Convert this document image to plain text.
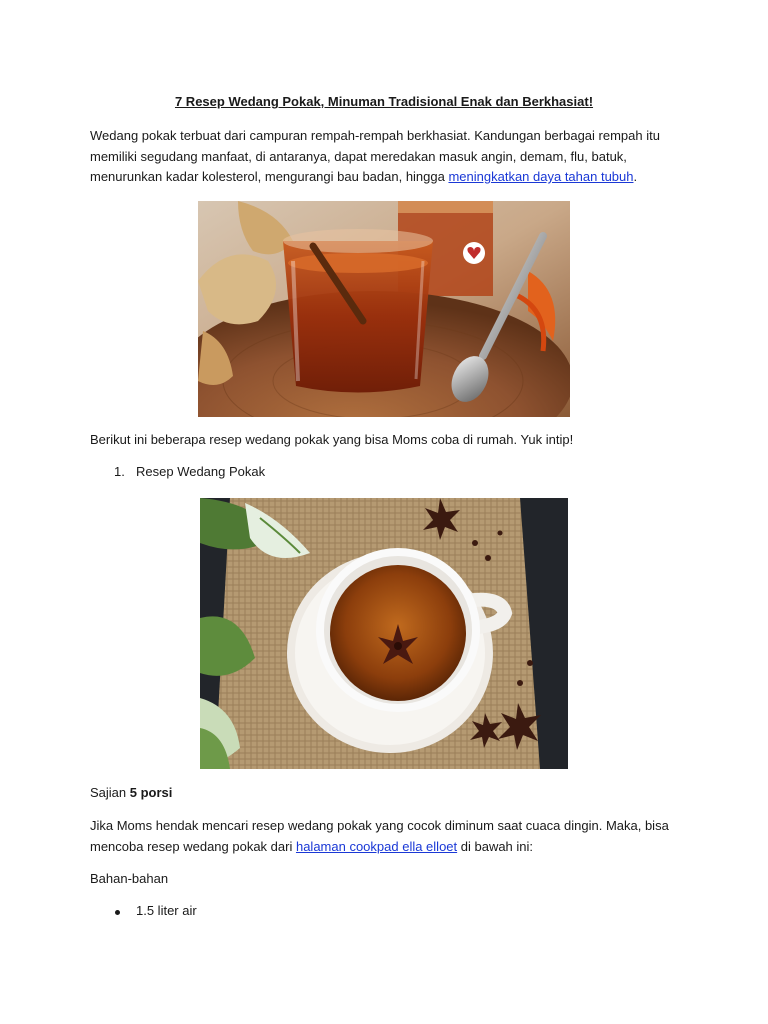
7 Resep Wedang Pokak, Minuman Tradisional Enak dan Berkhasiat!
Wedang pokak terbuat dari campuran rempah-rempah berkhasiat. Kandungan berbagai rempah itu memiliki segudang manfaat, di antaranya, dapat meredakan masuk angin, demam, flu, batuk, menurunkan kadar kolesterol, mengurangi bau badan, hingga meningkatkan daya tahan tubuh.
Berikut ini beberapa resep wedang pokak yang bisa Moms coba di rumah. Yuk intip!
1. Resep Wedang Pokak
Sajian 5 porsi
Jika Moms hendak mencari resep wedang pokak yang cocok diminum saat cuaca dingin. Maka, bisa mencoba resep wedang pokak dari halaman cookpad ella elloet di bawah ini:
Bahan-bahan
1.5 liter air
